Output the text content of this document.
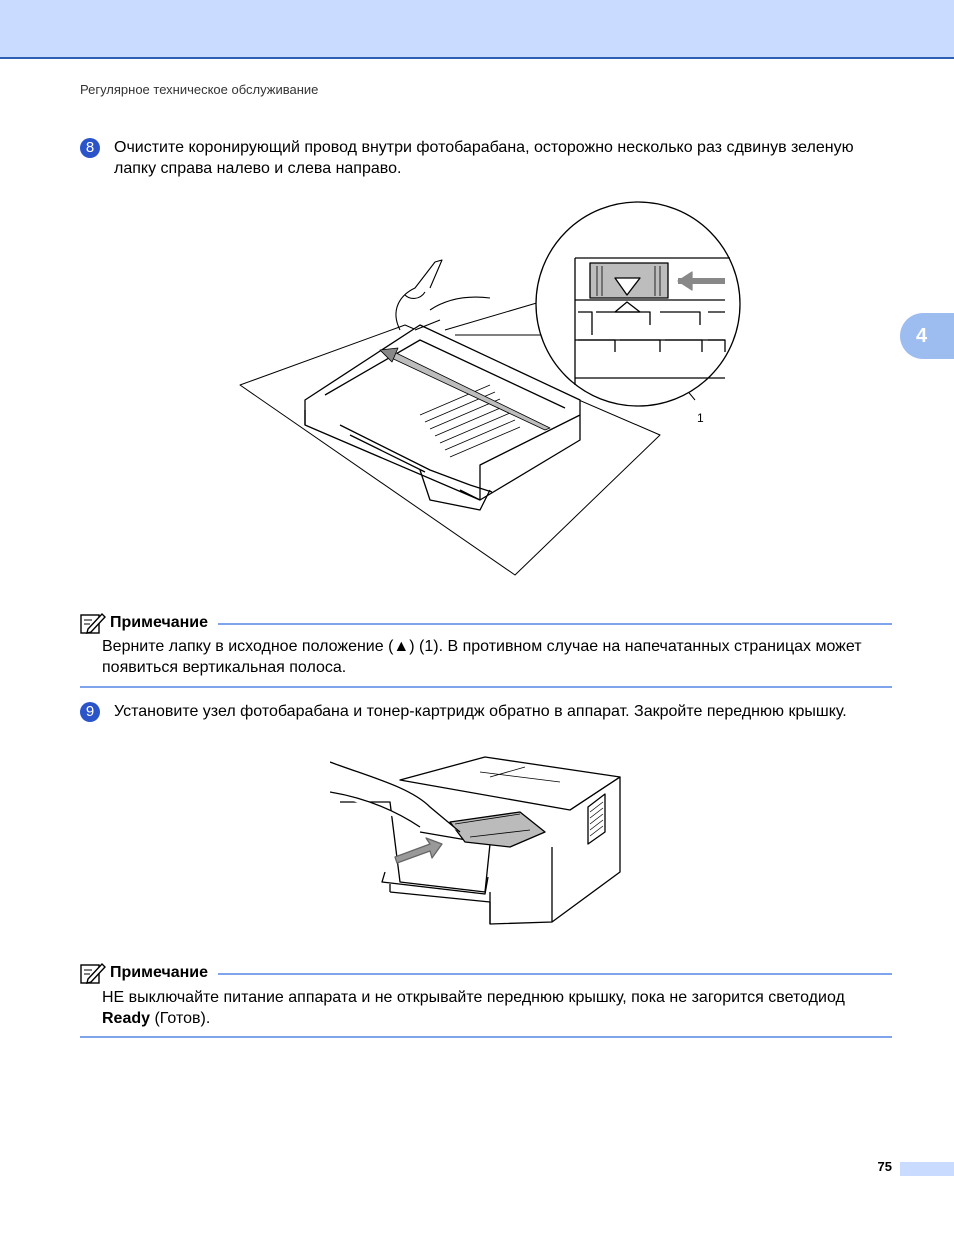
Регулярное техническое обслуживание
4
8	Очистите коронирующий провод внутри фотобарабана, осторожно несколько раз сдвинув зеленую лапку справа налево и слева направо.
1
Примечание
Верните лапку в исходное положение (▲) (1). В противном случае на напечатанных страницах может появиться вертикальная полоса.
9	Установите узел фотобарабана и тонер-картридж обратно в аппарат. Закройте переднюю крышку.
Примечание
НЕ выключайте питание аппарата и не открывайте переднюю крышку, пока не загорится светодиод Ready (Готов).
75
